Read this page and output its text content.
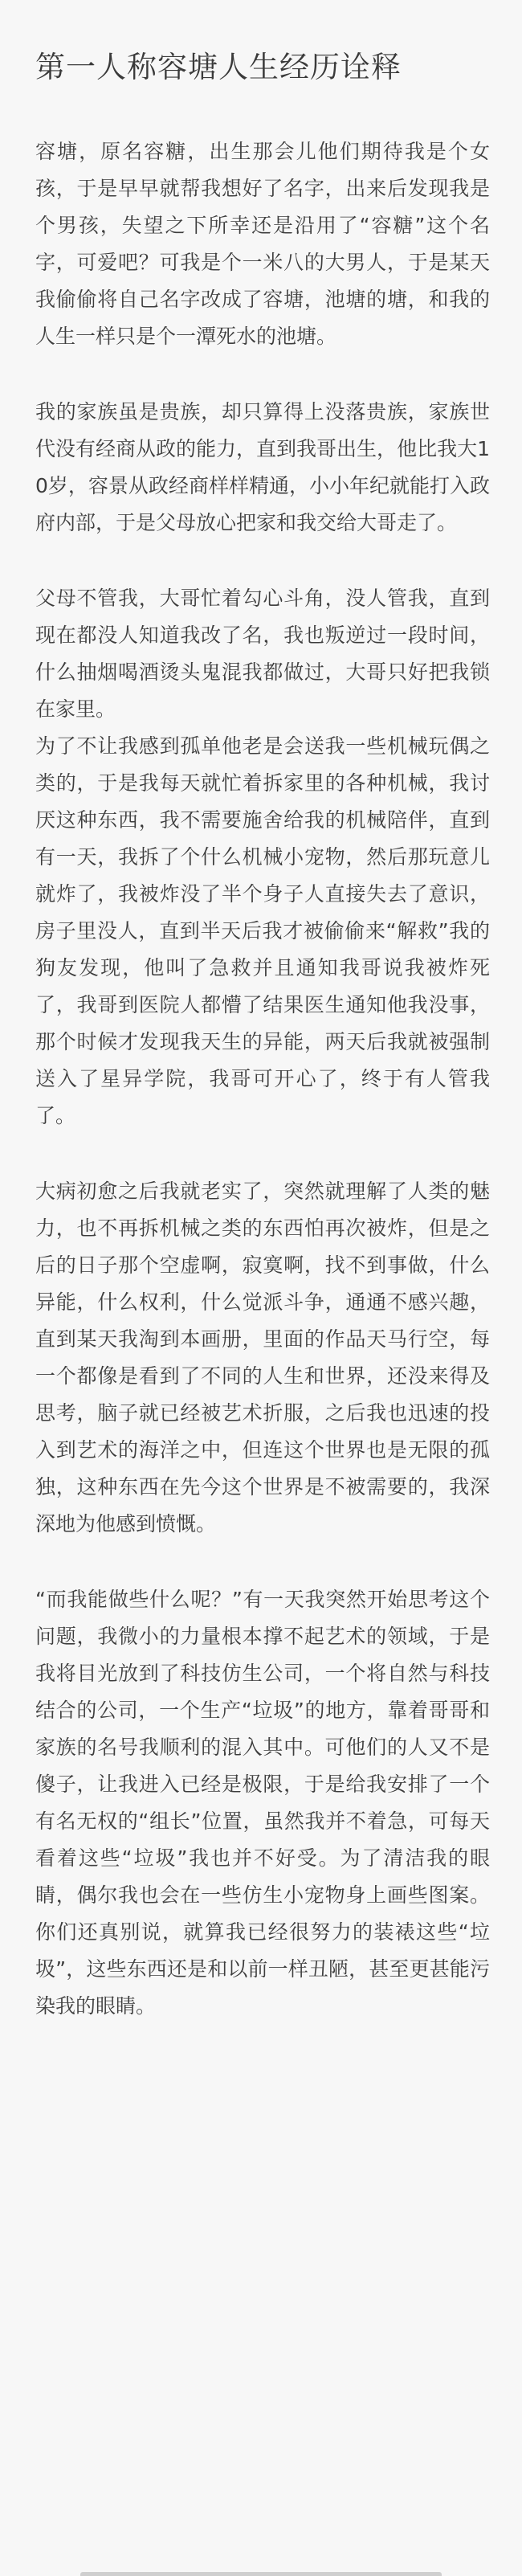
第一人称容塘人生经历诠释

容塘，原名容糖，出生那会儿他们期待我是个女孩，于是早早就帮我想好了名字，出来后发现我是个男孩，失望之下所幸还是沿用了“容糖”这个名字，可爱吧？可我是个一米八的大男人，于是某天我偷偷将自己名字改成了容塘，池塘的塘，和我的人生一样只是个一潭死水的池塘。

我的家族虽是贵族，却只算得上没落贵族，家族世代没有经商从政的能力，直到我哥出生，他比我大10岁，容景从政经商样样精通，小小年纪就能打入政府内部，于是父母放心把家和我交给大哥走了。

父母不管我，大哥忙着勾心斗角，没人管我，直到现在都没人知道我改了名，我也叛逆过一段时间，什么抽烟喝酒烫头鬼混我都做过，大哥只好把我锁在家里。

为了不让我感到孤单他老是会送我一些机械玩偶之类的，于是我每天就忙着拆家里的各种机械，我讨厌这种东西，我不需要施舍给我的机械陪伴，直到有一天，我拆了个什么机械小宠物，然后那玩意儿就炸了，我被炸没了半个身子人直接失去了意识，房子里没人，直到半天后我才被偷偷来“解救”我的狗友发现，他叫了急救并且通知我哥说我被炸死了，我哥到医院人都懵了结果医生通知他我没事，那个时候才发现我天生的异能，两天后我就被强制送入了星异学院，我哥可开心了，终于有人管我了。

大病初愈之后我就老实了，突然就理解了人类的魅力，也不再拆机械之类的东西怕再次被炸，但是之后的日子那个空虚啊，寂寞啊，找不到事做，什么异能，什么权利，什么觉派斗争，通通不感兴趣，直到某天我淘到本画册，里面的作品天马行空，每一个都像是看到了不同的人生和世界，还没来得及思考，脑子就已经被艺术折服，之后我也迅速的投入到艺术的海洋之中，但连这个世界也是无限的孤独，这种东西在先今这个世界是不被需要的，我深深地为他感到愤慨。

“而我能做些什么呢？”有一天我突然开始思考这个问题，我微小的力量根本撑不起艺术的领域，于是我将目光放到了科技仿生公司，一个将自然与科技结合的公司，一个生产“垃圾”的地方，靠着哥哥和家族的名号我顺利的混入其中。可他们的人又不是傻子，让我进入已经是极限，于是给我安排了一个有名无权的“组长”位置，虽然我并不着急，可每天看着这些“垃圾”我也并不好受。为了清洁我的眼睛，偶尔我也会在一些仿生小宠物身上画些图案。你们还真别说，就算我已经很努力的装裱这些“垃圾”，这些东西还是和以前一样丑陋，甚至更甚能污染我的眼睛。
